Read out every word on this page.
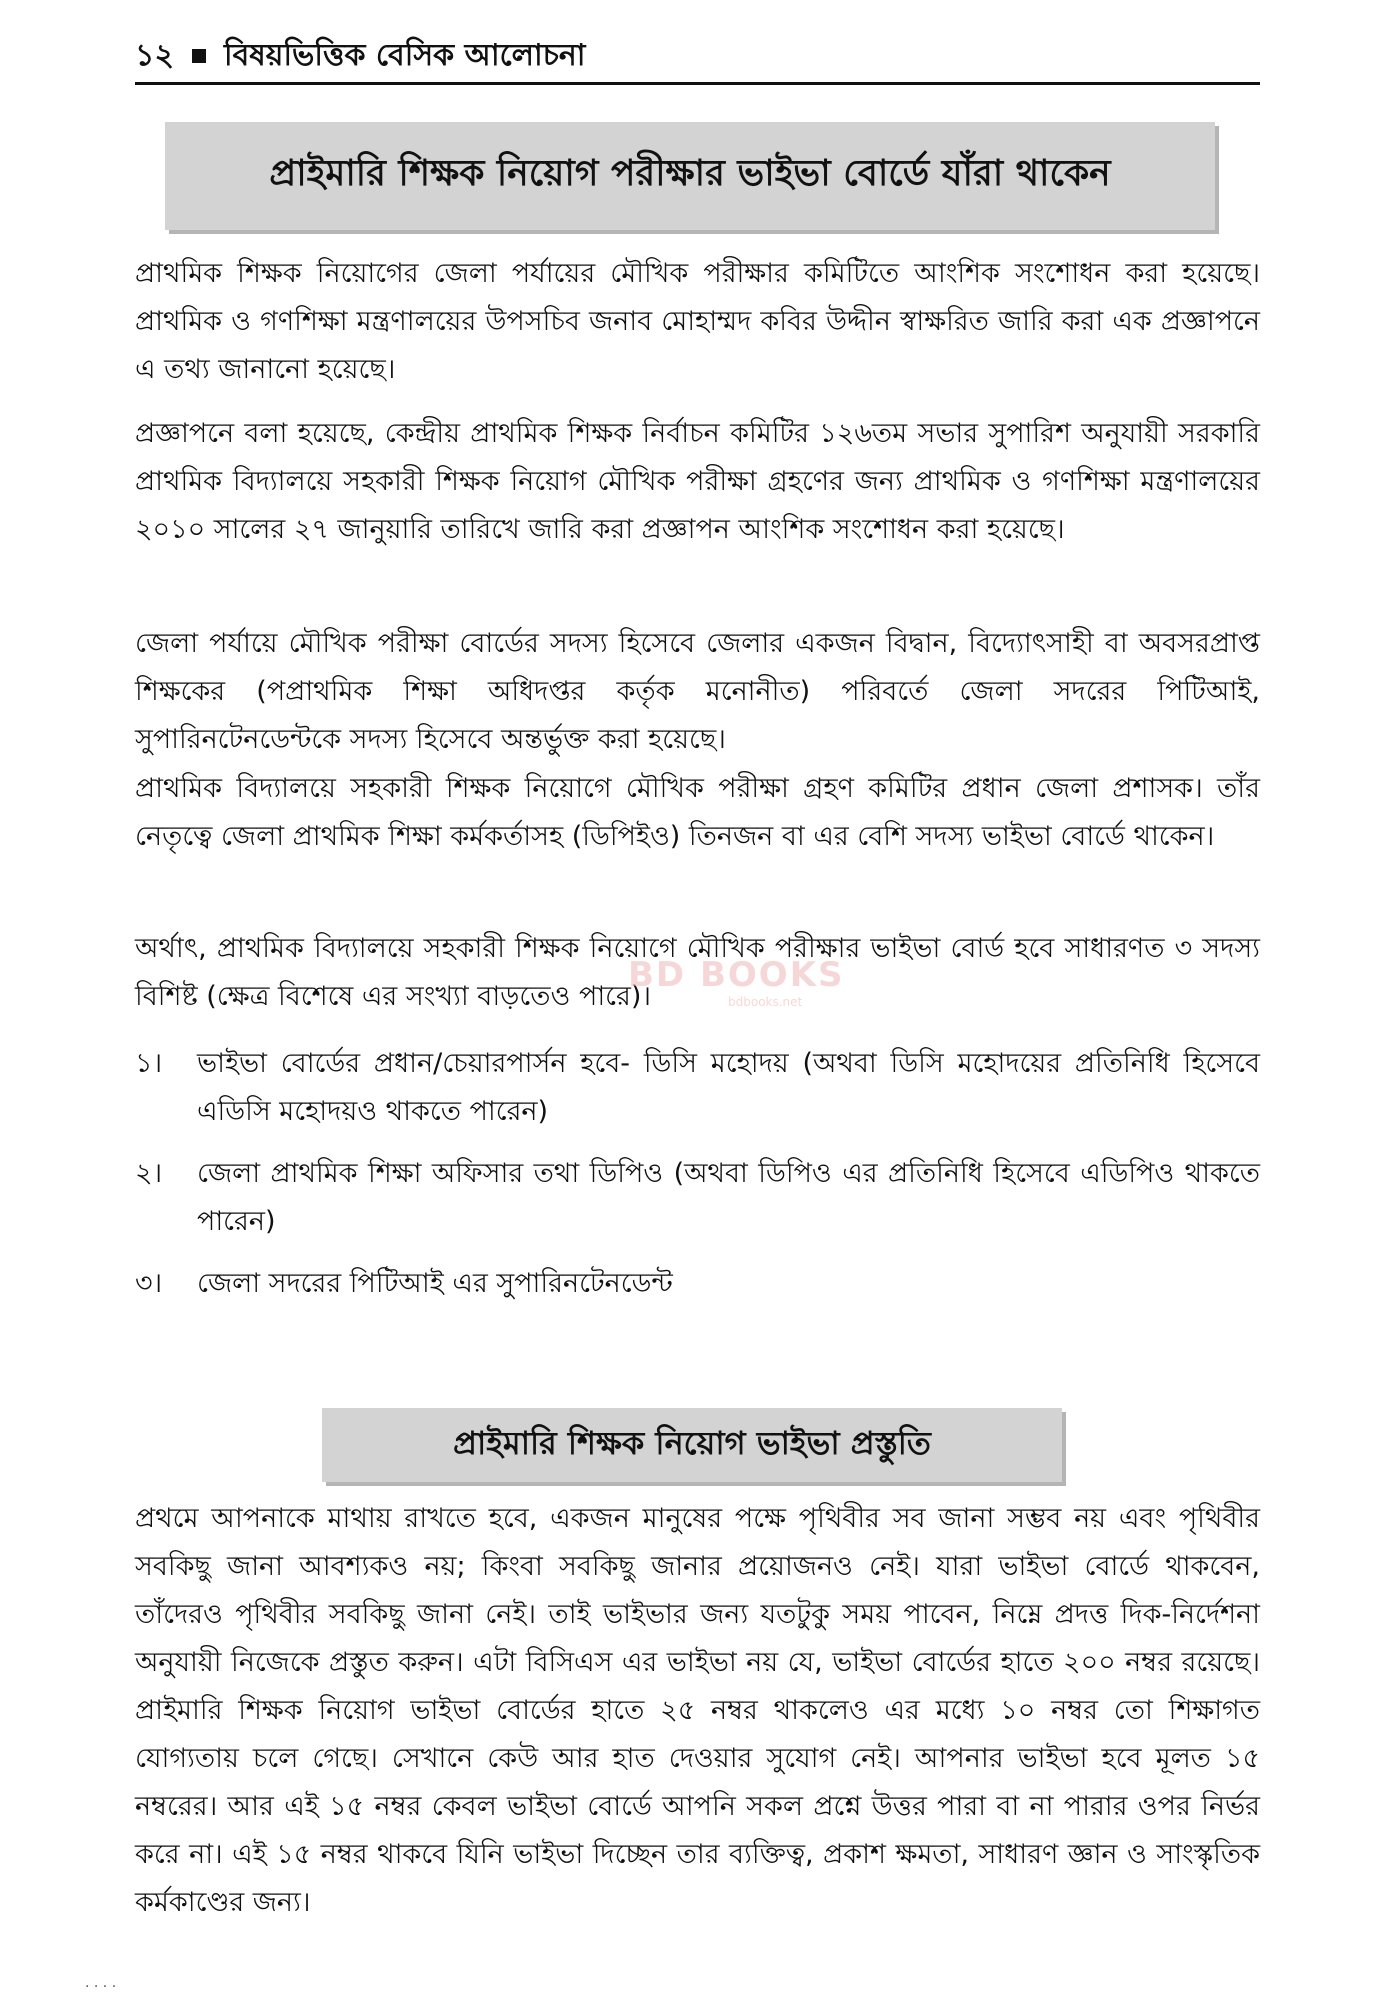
১২ বিষয়ভিত্তিক বেসিক আলোচনা
প্রাইমারি শিক্ষক নিয়োগ পরীক্ষার ভাইভা বোর্ডে যাঁরা থাকেন

প্রাথমিক শিক্ষক নিয়োগের জেলা পর্যায়ের মৌখিক পরীক্ষার কমিটিতে আংশিক সংশোধন করা হয়েছে। প্রাথমিক ও গণশিক্ষা মন্ত্রণালয়ের উপসচিব জনাব মোহাম্মদ কবির উদ্দীন স্বাক্ষরিত জারি করা এক প্রজ্ঞাপনে এ তথ্য জানানো হয়েছে।

প্রজ্ঞাপনে বলা হয়েছে, কেন্দ্রীয় প্রাথমিক শিক্ষক নির্বাচন কমিটির ১২৬তম সভার সুপারিশ অনুযায়ী সরকারি প্রাথমিক বিদ্যালয়ে সহকারী শিক্ষক নিয়োগ মৌখিক পরীক্ষা গ্রহণের জন্য প্রাথমিক ও গণশিক্ষা মন্ত্রণালয়ের ২০১০ সালের ২৭ জানুয়ারি তারিখে জারি করা প্রজ্ঞাপন আংশিক সংশোধন করা হয়েছে।

জেলা পর্যায়ে মৌখিক পরীক্ষা বোর্ডের সদস্য হিসেবে জেলার একজন বিদ্বান, বিদ্যোৎসাহী বা অবসরপ্রাপ্ত শিক্ষকের (পপ্রাথমিক শিক্ষা অধিদপ্তর কর্তৃক মনোনীত) পরিবর্তে জেলা সদরের পিটিআই, সুপারিনটেনডেন্টকে সদস্য হিসেবে অন্তর্ভুক্ত করা হয়েছে।

প্রাথমিক বিদ্যালয়ে সহকারী শিক্ষক নিয়োগে মৌখিক পরীক্ষা গ্রহণ কমিটির প্রধান জেলা প্রশাসক। তাঁর নেতৃত্বে জেলা প্রাথমিক শিক্ষা কর্মকর্তাসহ (ডিপিইও) তিনজন বা এর বেশি সদস্য ভাইভা বোর্ডে থাকেন।

অর্থাৎ, প্রাথমিক বিদ্যালয়ে সহকারী শিক্ষক নিয়োগে মৌখিক পরীক্ষার ভাইভা বোর্ড হবে সাধারণত ৩ সদস্য বিশিষ্ট (ক্ষেত্র বিশেষে এর সংখ্যা বাড়তেও পারে)।

১।	ভাইভা বোর্ডের প্রধান/চেয়ারপার্সন হবে- ডিসি মহোদয় (অথবা ডিসি মহোদয়ের প্রতিনিধি হিসেবে এডিসি মহোদয়ও থাকতে পারেন)
২।	জেলা প্রাথমিক শিক্ষা অফিসার তথা ডিপিও (অথবা ডিপিও এর প্রতিনিধি হিসেবে এডিপিও থাকতে পারেন)
৩।	জেলা সদরের পিটিআই এর সুপারিনটেনডেন্ট
প্রাইমারি শিক্ষক নিয়োগ ভাইভা প্রস্তুতি

প্রথমে আপনাকে মাথায় রাখতে হবে, একজন মানুষের পক্ষে পৃথিবীর সব জানা সম্ভব নয় এবং পৃথিবীর সবকিছু জানা আবশ্যকও নয়; কিংবা সবকিছু জানার প্রয়োজনও নেই। যারা ভাইভা বোর্ডে থাকবেন, তাঁদেরও পৃথিবীর সবকিছু জানা নেই। তাই ভাইভার জন্য যতটুকু সময় পাবেন, নিম্নে প্রদত্ত দিক-নির্দেশনা অনুযায়ী নিজেকে প্রস্তুত করুন। এটা বিসিএস এর ভাইভা নয় যে, ভাইভা বোর্ডের হাতে ২০০ নম্বর রয়েছে। প্রাইমারি শিক্ষক নিয়োগ ভাইভা বোর্ডের হাতে ২৫ নম্বর থাকলেও এর মধ্যে ১০ নম্বর তো শিক্ষাগত যোগ্যতায় চলে গেছে। সেখানে কেউ আর হাত দেওয়ার সুযোগ নেই। আপনার ভাইভা হবে মূলত ১৫ নম্বরের। আর এই ১৫ নম্বর কেবল ভাইভা বোর্ডে আপনি সকল প্রশ্নে উত্তর পারা বা না পারার ওপর নির্ভর করে না। এই ১৫ নম্বর থাকবে যিনি ভাইভা দিচ্ছেন তার ব্যক্তিত্ব, প্রকাশ ক্ষমতা, সাধারণ জ্ঞান ও সাংস্কৃতিক কর্মকাণ্ডের জন্য।

BD BOOKS
bdbooks.net
. . . .
